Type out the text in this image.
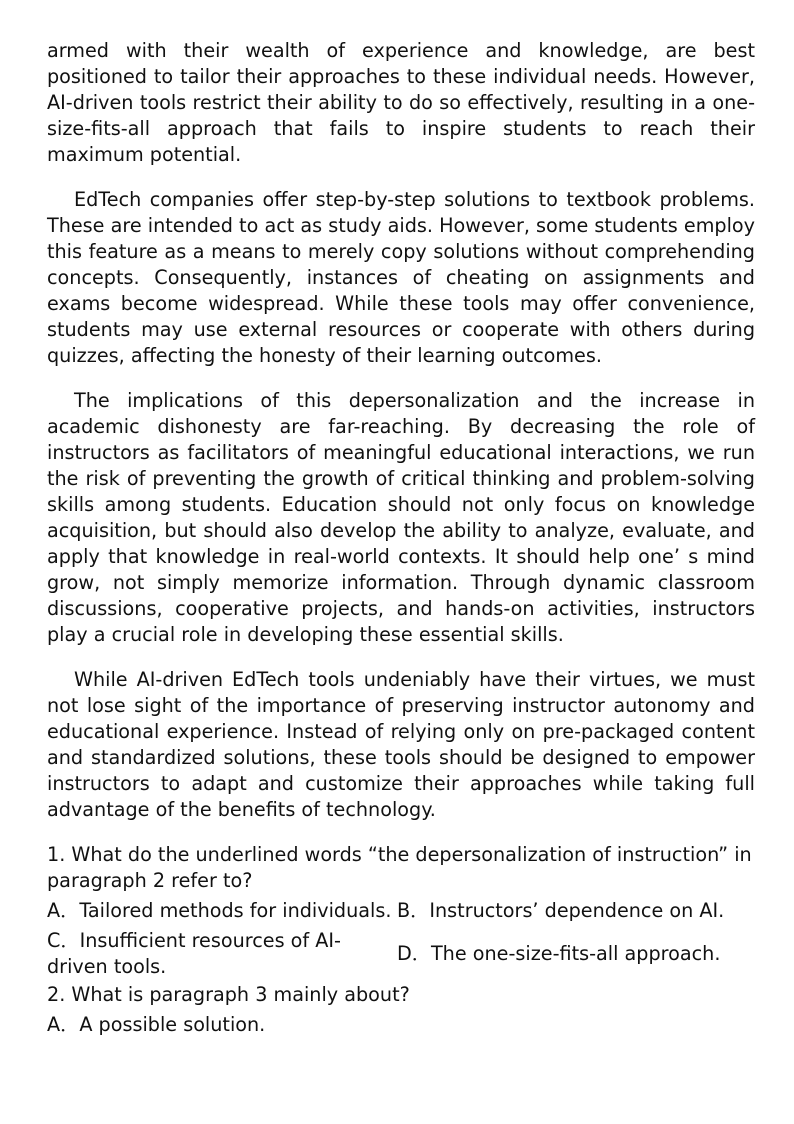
armed with their wealth of experience and knowledge, are best positioned to tailor their approaches to these individual needs. However, AI-driven tools restrict their ability to do so effectively, resulting in a one-size-fits-all approach that fails to inspire students to reach their maximum potential.

EdTech companies offer step-by-step solutions to textbook problems. These are intended to act as study aids. However, some students employ this feature as a means to merely copy solutions without comprehending concepts. Consequently, instances of cheating on assignments and exams become widespread. While these tools may offer convenience, students may use external resources or cooperate with others during quizzes, affecting the honesty of their learning outcomes.

The implications of this depersonalization and the increase in academic dishonesty are far-reaching. By decreasing the role of instructors as facilitators of meaningful educational interactions, we run the risk of preventing the growth of critical thinking and problem-solving skills among students. Education should not only focus on knowledge acquisition, but should also develop the ability to analyze, evaluate, and apply that knowledge in real-world contexts. It should help one’ s mind grow, not simply memorize information. Through dynamic classroom discussions, cooperative projects, and hands-on activities, instructors play a crucial role in developing these essential skills.

While AI-driven EdTech tools undeniably have their virtues, we must not lose sight of the importance of preserving instructor autonomy and educational experience. Instead of relying only on pre-packaged content and standardized solutions, these tools should be designed to empower instructors to adapt and customize their approaches while taking full advantage of the benefits of technology.

1. What do the underlined words “the depersonalization of instruction” in paragraph 2 refer to?

A．Tailored methods for individuals. B．Instructors’ dependence on AI.
C．Insufficient resources of AI-driven tools.
D．The one-size-fits-all approach.

2. What is paragraph 3 mainly about?

A．A possible solution.
